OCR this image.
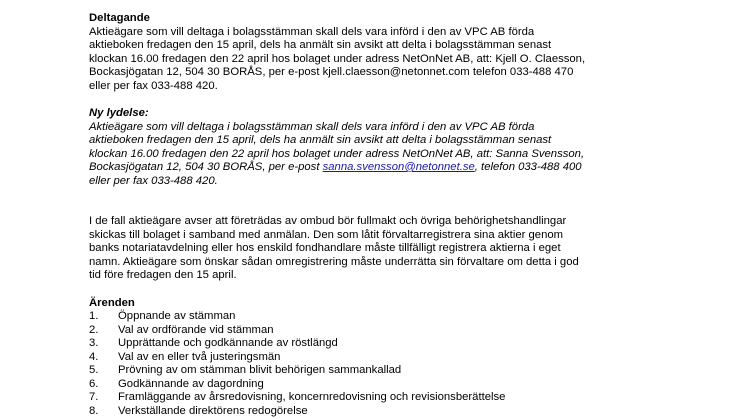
Deltagande
Aktieägare som vill deltaga i bolagsstämman skall dels vara införd i den av VPC AB förda
aktieboken fredagen den 15 april, dels ha anmält sin avsikt att delta i bolagsstämman senast
klockan 16.00 fredagen den 22 april hos bolaget under adress NetOnNet AB, att: Kjell O. Claesson,
Bockasjögatan 12, 504 30 BORÅS, per e-post kjell.claesson@netonnet.com telefon 033-488 470
eller per fax 033-488 420.
Ny lydelse:
Aktieägare som vill deltaga i bolagsstämman skall dels vara införd i den av VPC AB förda
aktieboken fredagen den 15 april, dels ha anmält sin avsikt att delta i bolagsstämman senast
klockan 16.00 fredagen den 22 april hos bolaget under adress NetOnNet AB, att: Sanna Svensson,
Bockasjögatan 12, 504 30 BORÅS, per e-post sanna.svensson@netonnet.se, telefon 033-488 400
eller per fax 033-488 420.
I de fall aktieägare avser att företrädas av ombud bör fullmakt och övriga behörighetshandlingar
skickas till bolaget i samband med anmälan. Den som låtit förvaltarregistrera sina aktier genom
banks notariatavdelning eller hos enskild fondhandlare måste tillfälligt registrera aktierna i eget
namn. Aktieägare som önskar sådan omregistrering måste underrätta sin förvaltare om detta i god
tid före fredagen den 15 april.
Ärenden
1.	Öppnande av stämman
2.	Val av ordförande vid stämman
3.	Upprättande och godkännande av röstlängd
4.	Val av en eller två justeringsmän
5.	Prövning av om stämman blivit behörigen sammankallad
6.	Godkännande av dagordning
7.	Framläggande av årsredovisning, koncernredovisning och revisionsberättelse
8.	Verkställande direktörens redogörelse
